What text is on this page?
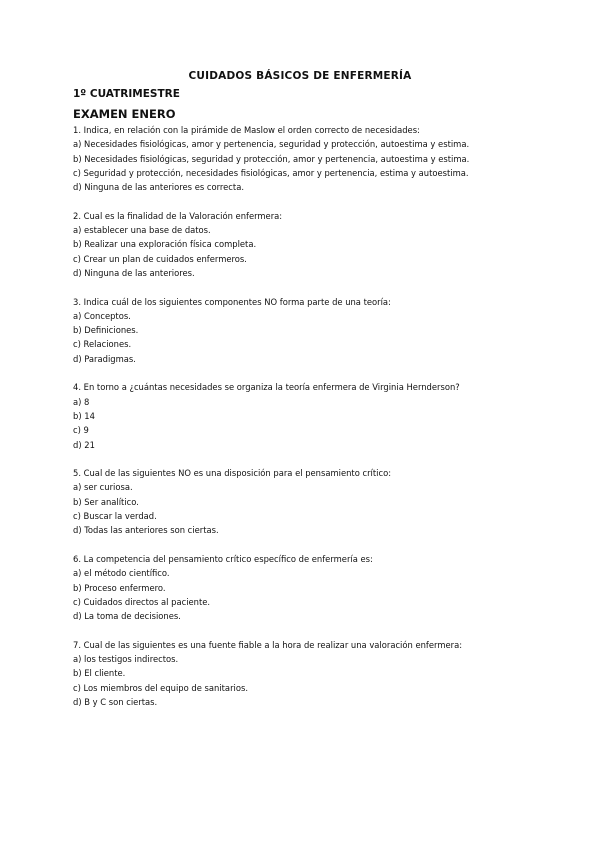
CUIDADOS BÁSICOS DE ENFERMERÍA
1º CUATRIMESTRE
EXAMEN ENERO
1. Indica, en relación con la pirámide de Maslow el orden correcto de necesidades:
a) Necesidades fisiológicas, amor y pertenencia, seguridad y protección, autoestima y estima.
b) Necesidades fisiológicas, seguridad y protección, amor y pertenencia, autoestima y estima.
c) Seguridad y protección, necesidades fisiológicas, amor y pertenencia, estima y autoestima.
d) Ninguna de las anteriores es correcta.
2. Cual es la finalidad de la Valoración enfermera:
a) establecer una base de datos.
b) Realizar una exploración física completa.
c) Crear un plan de cuidados enfermeros.
d) Ninguna de las anteriores.
3. Indica cuál de los siguientes componentes NO forma parte de una teoría:
a) Conceptos.
b) Definiciones.
c) Relaciones.
d) Paradigmas.
4. En torno a ¿cuántas necesidades se organiza la teoría enfermera de Virginia Hernderson?
a) 8
b) 14
c) 9
d) 21
5. Cual de las siguientes NO es una disposición para el pensamiento crítico:
a) ser curiosa.
b) Ser analítico.
c) Buscar la verdad.
d) Todas las anteriores son ciertas.
6. La competencia del pensamiento crítico específico de enfermería es:
a) el método científico.
b) Proceso enfermero.
c) Cuidados directos al paciente.
d) La toma de decisiones.
7. Cual de las siguientes es una fuente fiable a la hora de realizar una valoración enfermera:
a) los testigos indirectos.
b) El cliente.
c) Los miembros del equipo de sanitarios.
d) B y C son ciertas.
